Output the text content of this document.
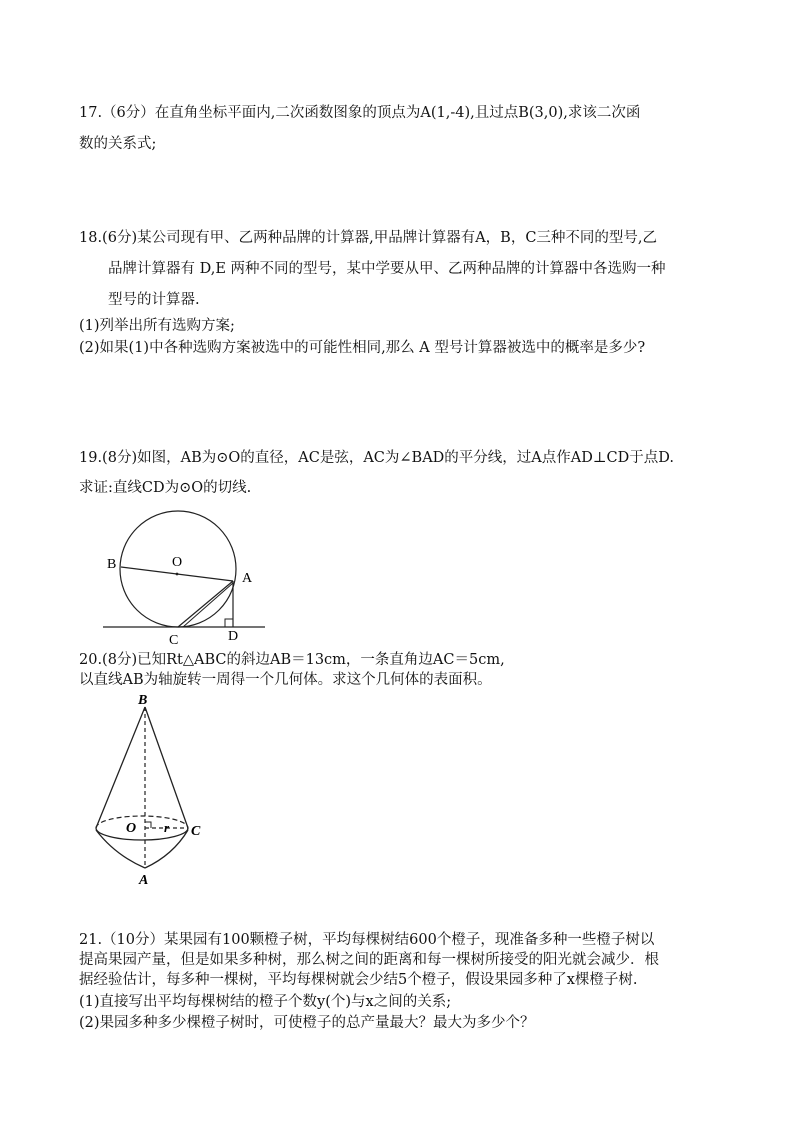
17.（6分）在直角坐标平面内,二次函数图象的顶点为A(1,-4),且过点B(3,0),求该二次函
数的关系式;
18.(6分)某公司现有甲、乙两种品牌的计算器,甲品牌计算器有A，B，C三种不同的型号,乙
品牌计算器有 D,E 两种不同的型号，某中学要从甲、乙两种品牌的计算器中各选购一种
型号的计算器.
(1)列举出所有选购方案;
(2)如果(1)中各种选购方案被选中的可能性相同,那么 A 型号计算器被选中的概率是多少?
19.(8分)如图，AB为⊙O的直径，AC是弦，AC为∠BAD的平分线，过A点作AD⊥CD于点D.
求证:直线CD为⊙O的切线.
B	O
A
C	D
20.(8分)已知Rt△ABC的斜边AB＝13cm，一条直角边AC＝5cm,
以直线AB为轴旋转一周得一个几何体。求这个几何体的表面积。
B
O r C
A
21.（10分）某果园有100颗橙子树，平均每棵树结600个橙子，现准备多种一些橙子树以
提高果园产量，但是如果多种树，那么树之间的距离和每一棵树所接受的阳光就会减少．根
据经验估计，每多种一棵树，平均每棵树就会少结5个橙子，假设果园多种了x棵橙子树.
(1)直接写出平均每棵树结的橙子个数y(个)与x之间的关系;
(2)果园多种多少棵橙子树时，可使橙子的总产量最大？最大为多少个？
